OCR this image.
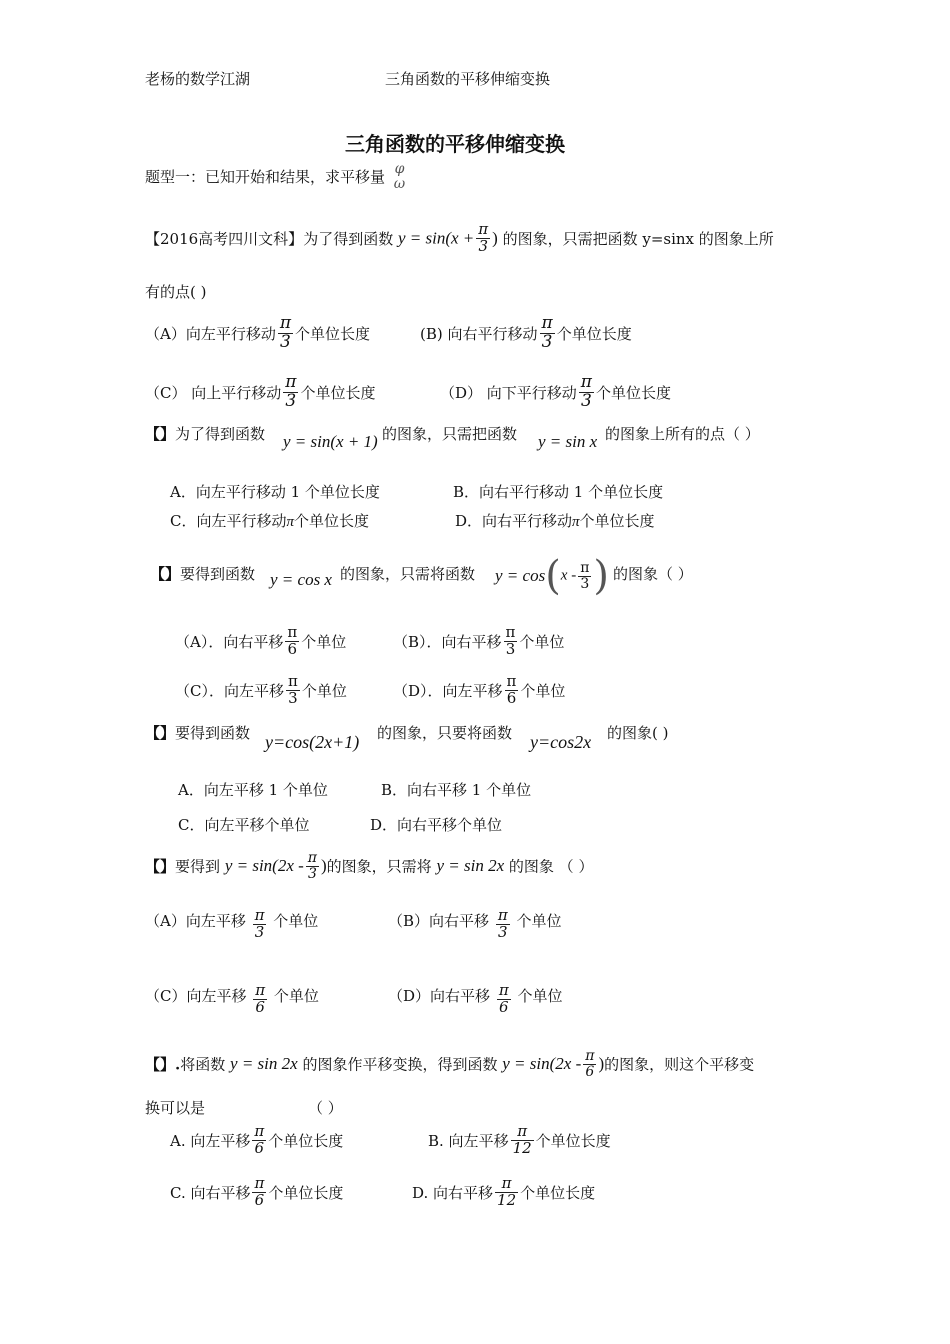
老杨的数学江湖	三角函数的平移伸缩变换
三角函数的平移伸缩变换
题型一：已知开始和结果，求平移量 φ
ω
【2016高考四川文科】为了得到函数 $y = \sin(x + \frac{\pi}{3}$ ) 的图象，只需把函数 y=sinx 的图象上所
有的点( )
（A）向左平行移动 $\frac{\pi}{3}$ 个单位长度	(B) 向右平行移动 $\frac{\pi}{3}$ 个单位长度
（C） 向上平行移动 $\frac{\pi}{3}$ 个单位长度	（D） 向下平行移动 $\frac{\pi}{3}$ 个单位长度
【】为了得到函数 y = sin(x + 1) 的图象，只需把函数 y = sin x 的图象上所有的点（ ）
A．向左平行移动 1 个单位长度	B．向右平行移动 1 个单位长度
C．向左平行移动π个单位长度	D．向右平行移动π个单位长度
【】要得到函数 y = cos x 的图象，只需将函数 $y = \cos(x - \frac{\pi}{3}$ ) 的图象（ ）
（A）．向右平移 $\frac{\pi}{6}$ 个单位	（B）．向右平移 $\frac{\pi}{3}$ 个单位
（C）．向左平移 $\frac{\pi}{3}$ 个单位	（D）．向左平移 $\frac{\pi}{6}$ 个单位
【】要得到函数 y=cos(2x+1) 的图象，只要将函数 y=cos2x 的图象( )
A．向左平移 1 个单位	B．向右平移 1 个单位
C．向左平移个单位	D．向右平移个单位
【】要得到 $y = \sin(2x - \frac{\pi}{3}$ )的图象，只需将 y = sin 2x 的图象 （ ）
（A）向左平移 $\frac{\pi}{3}$ 个单位	（B）向右平移 $\frac{\pi}{3}$ 个单位
（C）向左平移 $\frac{\pi}{6}$ 个单位	（D）向右平移 $\frac{\pi}{6}$ 个单位
【】.将函数 y = sin 2x 的图象作平移变换，得到函数 $y = \sin(2x - \frac{\pi}{6}$ )的图象，则这个平移变
换可以是	（ ）
A. 向左平移 $\frac{\pi}{6}$ 个单位长度	B. 向左平移 $\frac{\pi}{12}$ 个单位长度
C. 向右平移 $\frac{\pi}{6}$ 个单位长度	D. 向右平移 $\frac{\pi}{12}$ 个单位长度
